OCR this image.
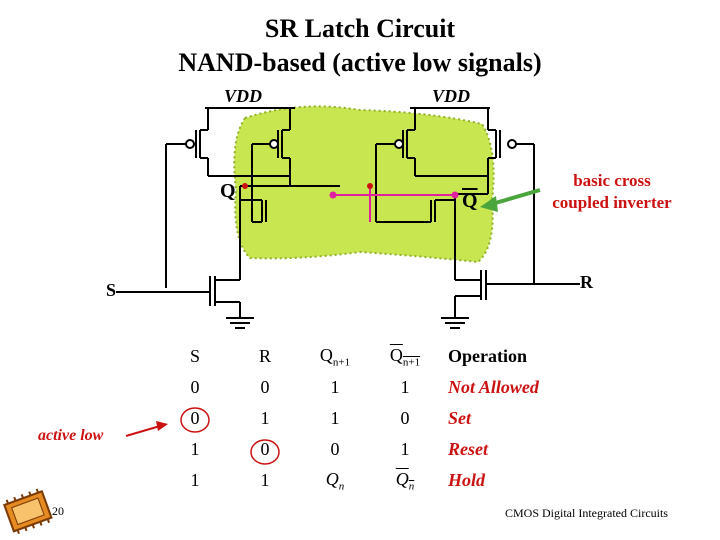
SR Latch Circuit
NAND-based (active low signals)
VDD	VDD
Q	$\overline{Q}$
S	R
basic cross
coupled inverter
active low
S	R	$Q_{n+1}$	$Q_{n+1}$	Operation
0	0	1	1	Not Allowed
0	1	1	0	Set
1	0	0	1	Reset
1	1	$Q_n$	$Q_n$	Hold
20	CMOS Digital Integrated Circuits
